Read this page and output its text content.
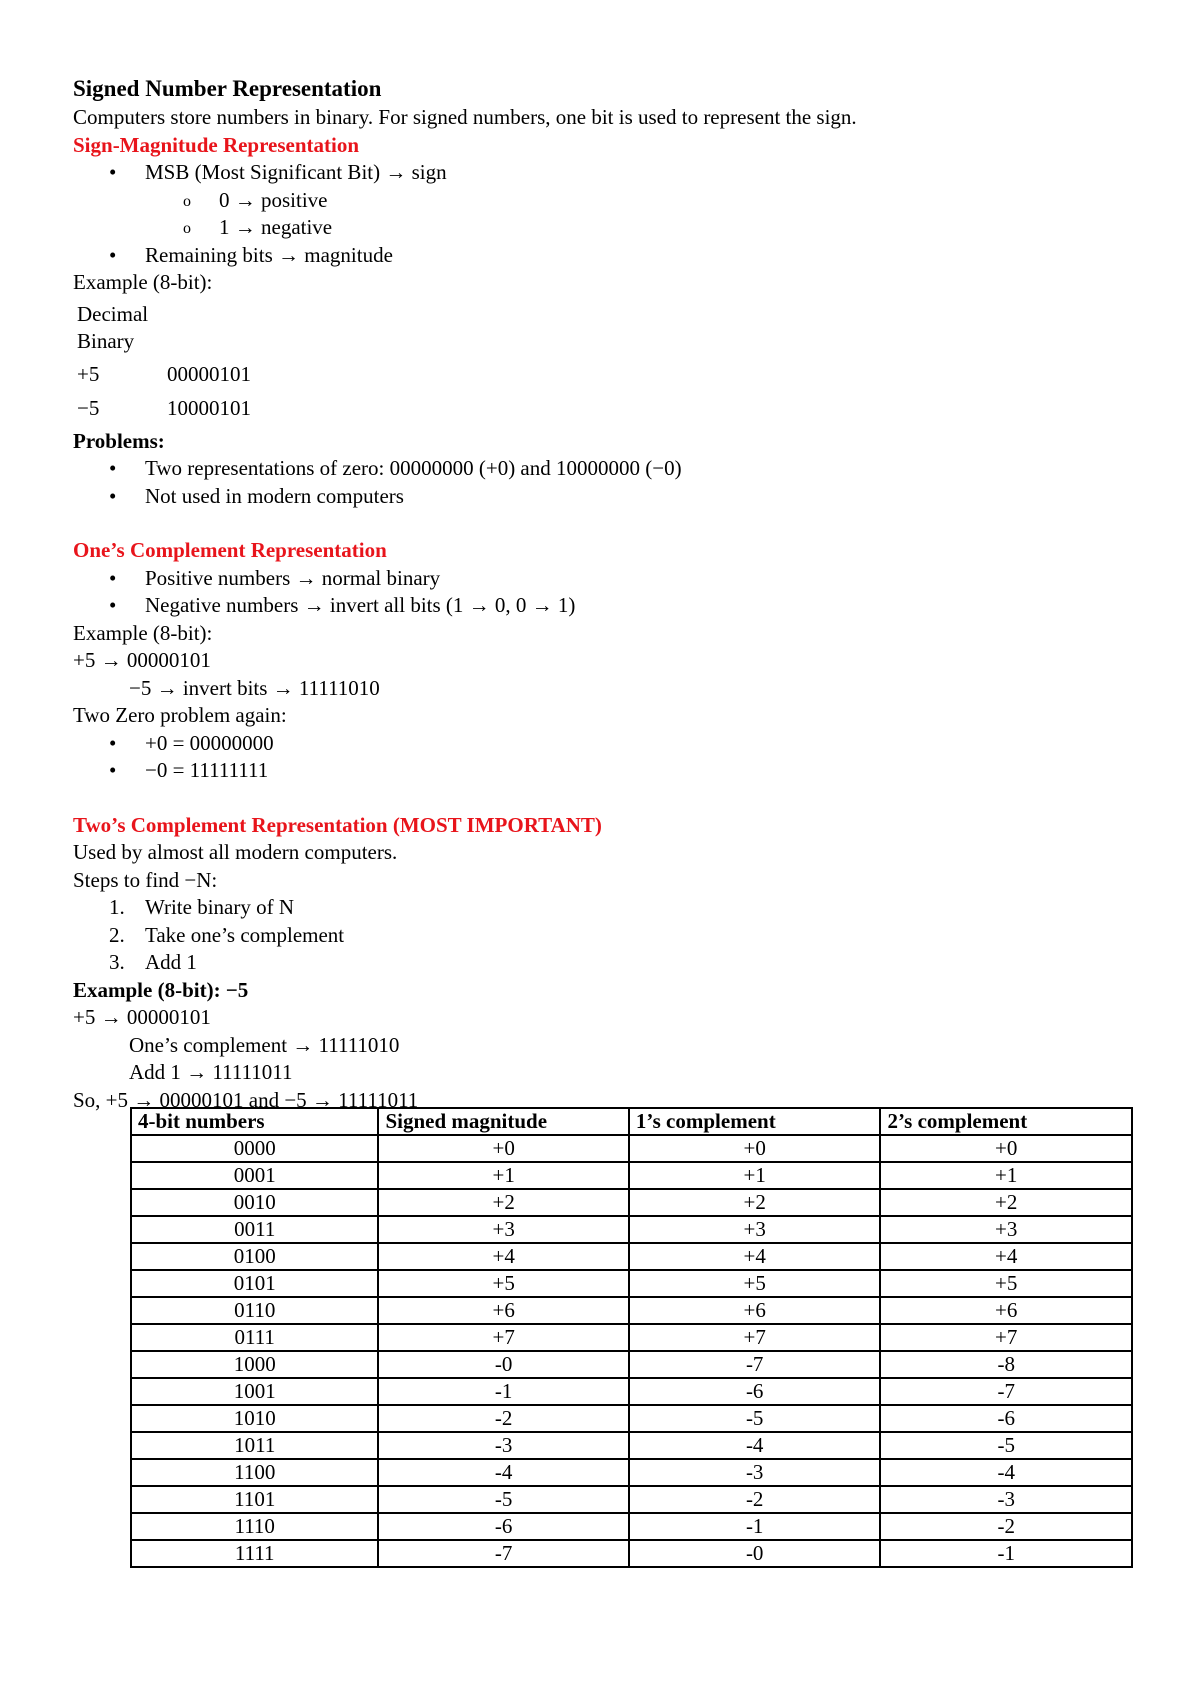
Signed Number Representation
Computers store numbers in binary. For signed numbers, one bit is used to represent the sign.
Sign-Magnitude Representation
• MSB (Most Significant Bit) → sign
o 0 → positive
o 1 → negative
• Remaining bits → magnitude
Example (8-bit):
Decimal Binary	
+5	00000101
−5	10000101
Problems:
• Two representations of zero: 00000000 (+0) and 10000000 (−0)
• Not used in modern computers
One’s Complement Representation
• Positive numbers → normal binary
• Negative numbers → invert all bits (1 → 0, 0 → 1)
Example (8-bit):
+5 → 00000101
−5 → invert bits → 11111010
Two Zero problem again:
• +0 = 00000000
• −0 = 11111111
Two’s Complement Representation (MOST IMPORTANT)
Used by almost all modern computers.
Steps to find −N:
1. Write binary of N
2. Take one’s complement
3. Add 1
Example (8-bit): −5
+5 → 00000101
One’s complement → 11111010
Add 1 → 11111011
So, +5 → 00000101 and −5 → 11111011
4-bit numbers	Signed magnitude	1’s complement	2’s complement
0000	+0	+0	+0
0001	+1	+1	+1
0010	+2	+2	+2
0011	+3	+3	+3
0100	+4	+4	+4
0101	+5	+5	+5
0110	+6	+6	+6
0111	+7	+7	+7
1000	-0	-7	-8
1001	-1	-6	-7
1010	-2	-5	-6
1011	-3	-4	-5
1100	-4	-3	-4
1101	-5	-2	-3
1110	-6	-1	-2
1111	-7	-0	-1
